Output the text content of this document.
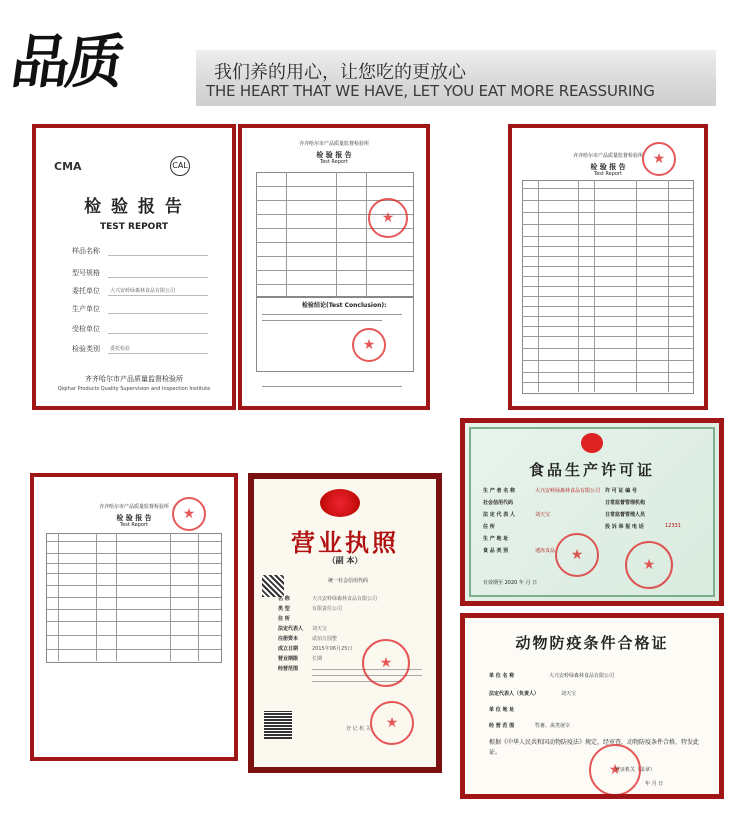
品质	我们养的用心，让您吃的更放心
THE HEART THAT WE HAVE, LET YOU EAT MORE REASSURING
CMA	CAL
检 验 报 告
TEST REPORT
样品名称
型号规格
委托单位 大兴安岭绿森林食品有限公司
生产单位
受检单位
检验类别 委托检验
齐齐哈尔市产品质量监督检验所
Qiqihar Products Quality Supervision and Inspection Institute
齐齐哈尔市产品质量监督检验所
检 验 报 告
Test Report
★
检验结论(Test Conclusion):
★
齐齐哈尔市产品质量监督检验所
检 验 报 告
Test Report
★
齐齐哈尔市产品质量监督检验所
检 验 报 告
Test Report
★
营业执照
（副 本）
统一社会信用代码
名 称	大兴安岭绿森林食品有限公司
类 型	有限责任公司
住 所
法定代表人 刘天宝
注册资本	贰佰万圆整
成立日期	2015年06月25日
营业期限	长期
经营范围
★
登 记 机 关
★
食品生产许可证
生 产 者 名 称	大兴安岭绿森林食品有限公司
社会信用代码
法 定 代 表 人	刘天宝
住 所
生 产 地 址
食 品 类 别	速冻食品
许 可 证 编 号
日常监督管理机构
日常监督管理人员
投 诉 举 报 电 话	12331
★
★
有效期至 2020 年 月 日
动物防疫条件合格证
单 位 名 称	大兴安岭绿森林食品有限公司
法定代表人（负责人）	刘天宝
单 位 地 址
经 营 范 围	牲畜、禽类屠宰
根据《中华人民共和国动物防疫法》规定，经审查，动物防疫条件合格，特发此证。
★
发证机关（盖章）
年 月 日
